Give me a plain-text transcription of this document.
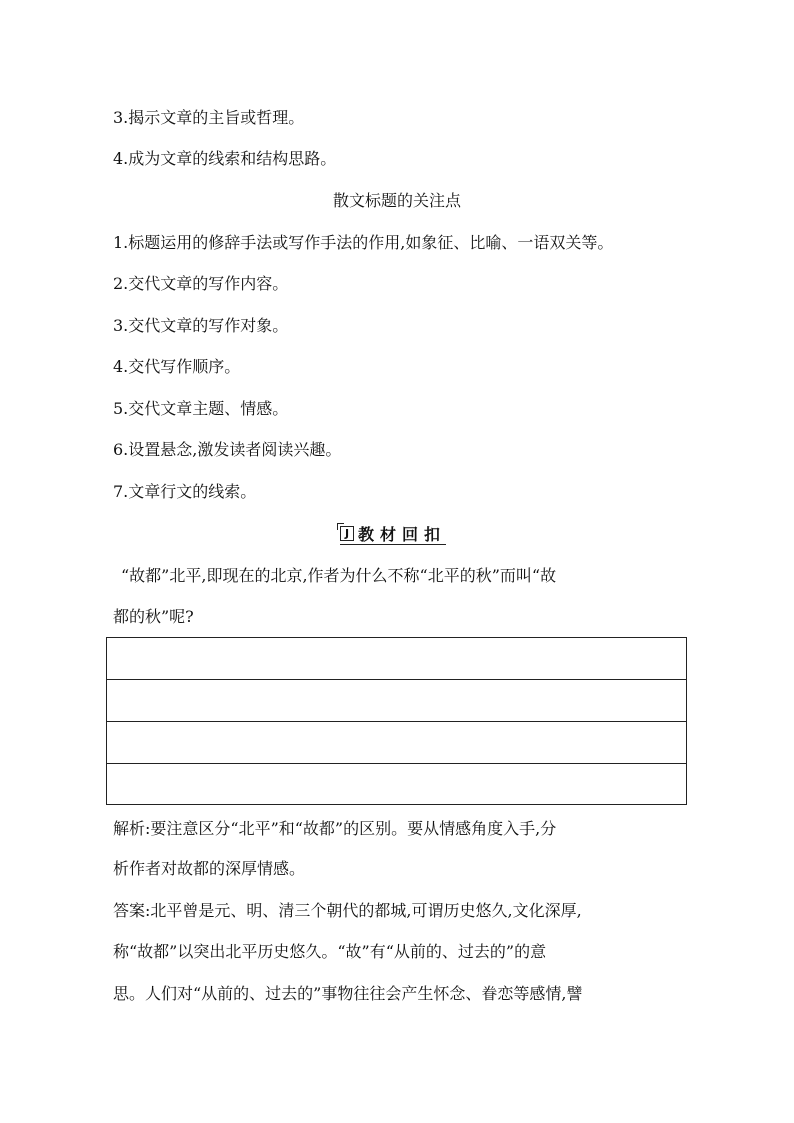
3.揭示文章的主旨或哲理。
4.成为文章的线索和结构思路。
散文标题的关注点
1.标题运用的修辞手法或写作手法的作用,如象征、比喻、一语双关等。
2.交代文章的写作内容。
3.交代文章的写作对象。
4.交代写作顺序。
5.交代文章主题、情感。
6.设置悬念,激发读者阅读兴趣。
7.文章行文的线索。
J 教材回扣
“故都”北平,即现在的北京,作者为什么不称“北平的秋”而叫“故
都的秋”呢?
解析:要注意区分“北平”和“故都”的区别。要从情感角度入手,分
析作者对故都的深厚情感。
答案:北平曾是元、明、清三个朝代的都城,可谓历史悠久,文化深厚,
称“故都”以突出北平历史悠久。“故”有“从前的、过去的”的意
思。人们对“从前的、过去的”事物往往会产生怀念、眷恋等感情,譬
